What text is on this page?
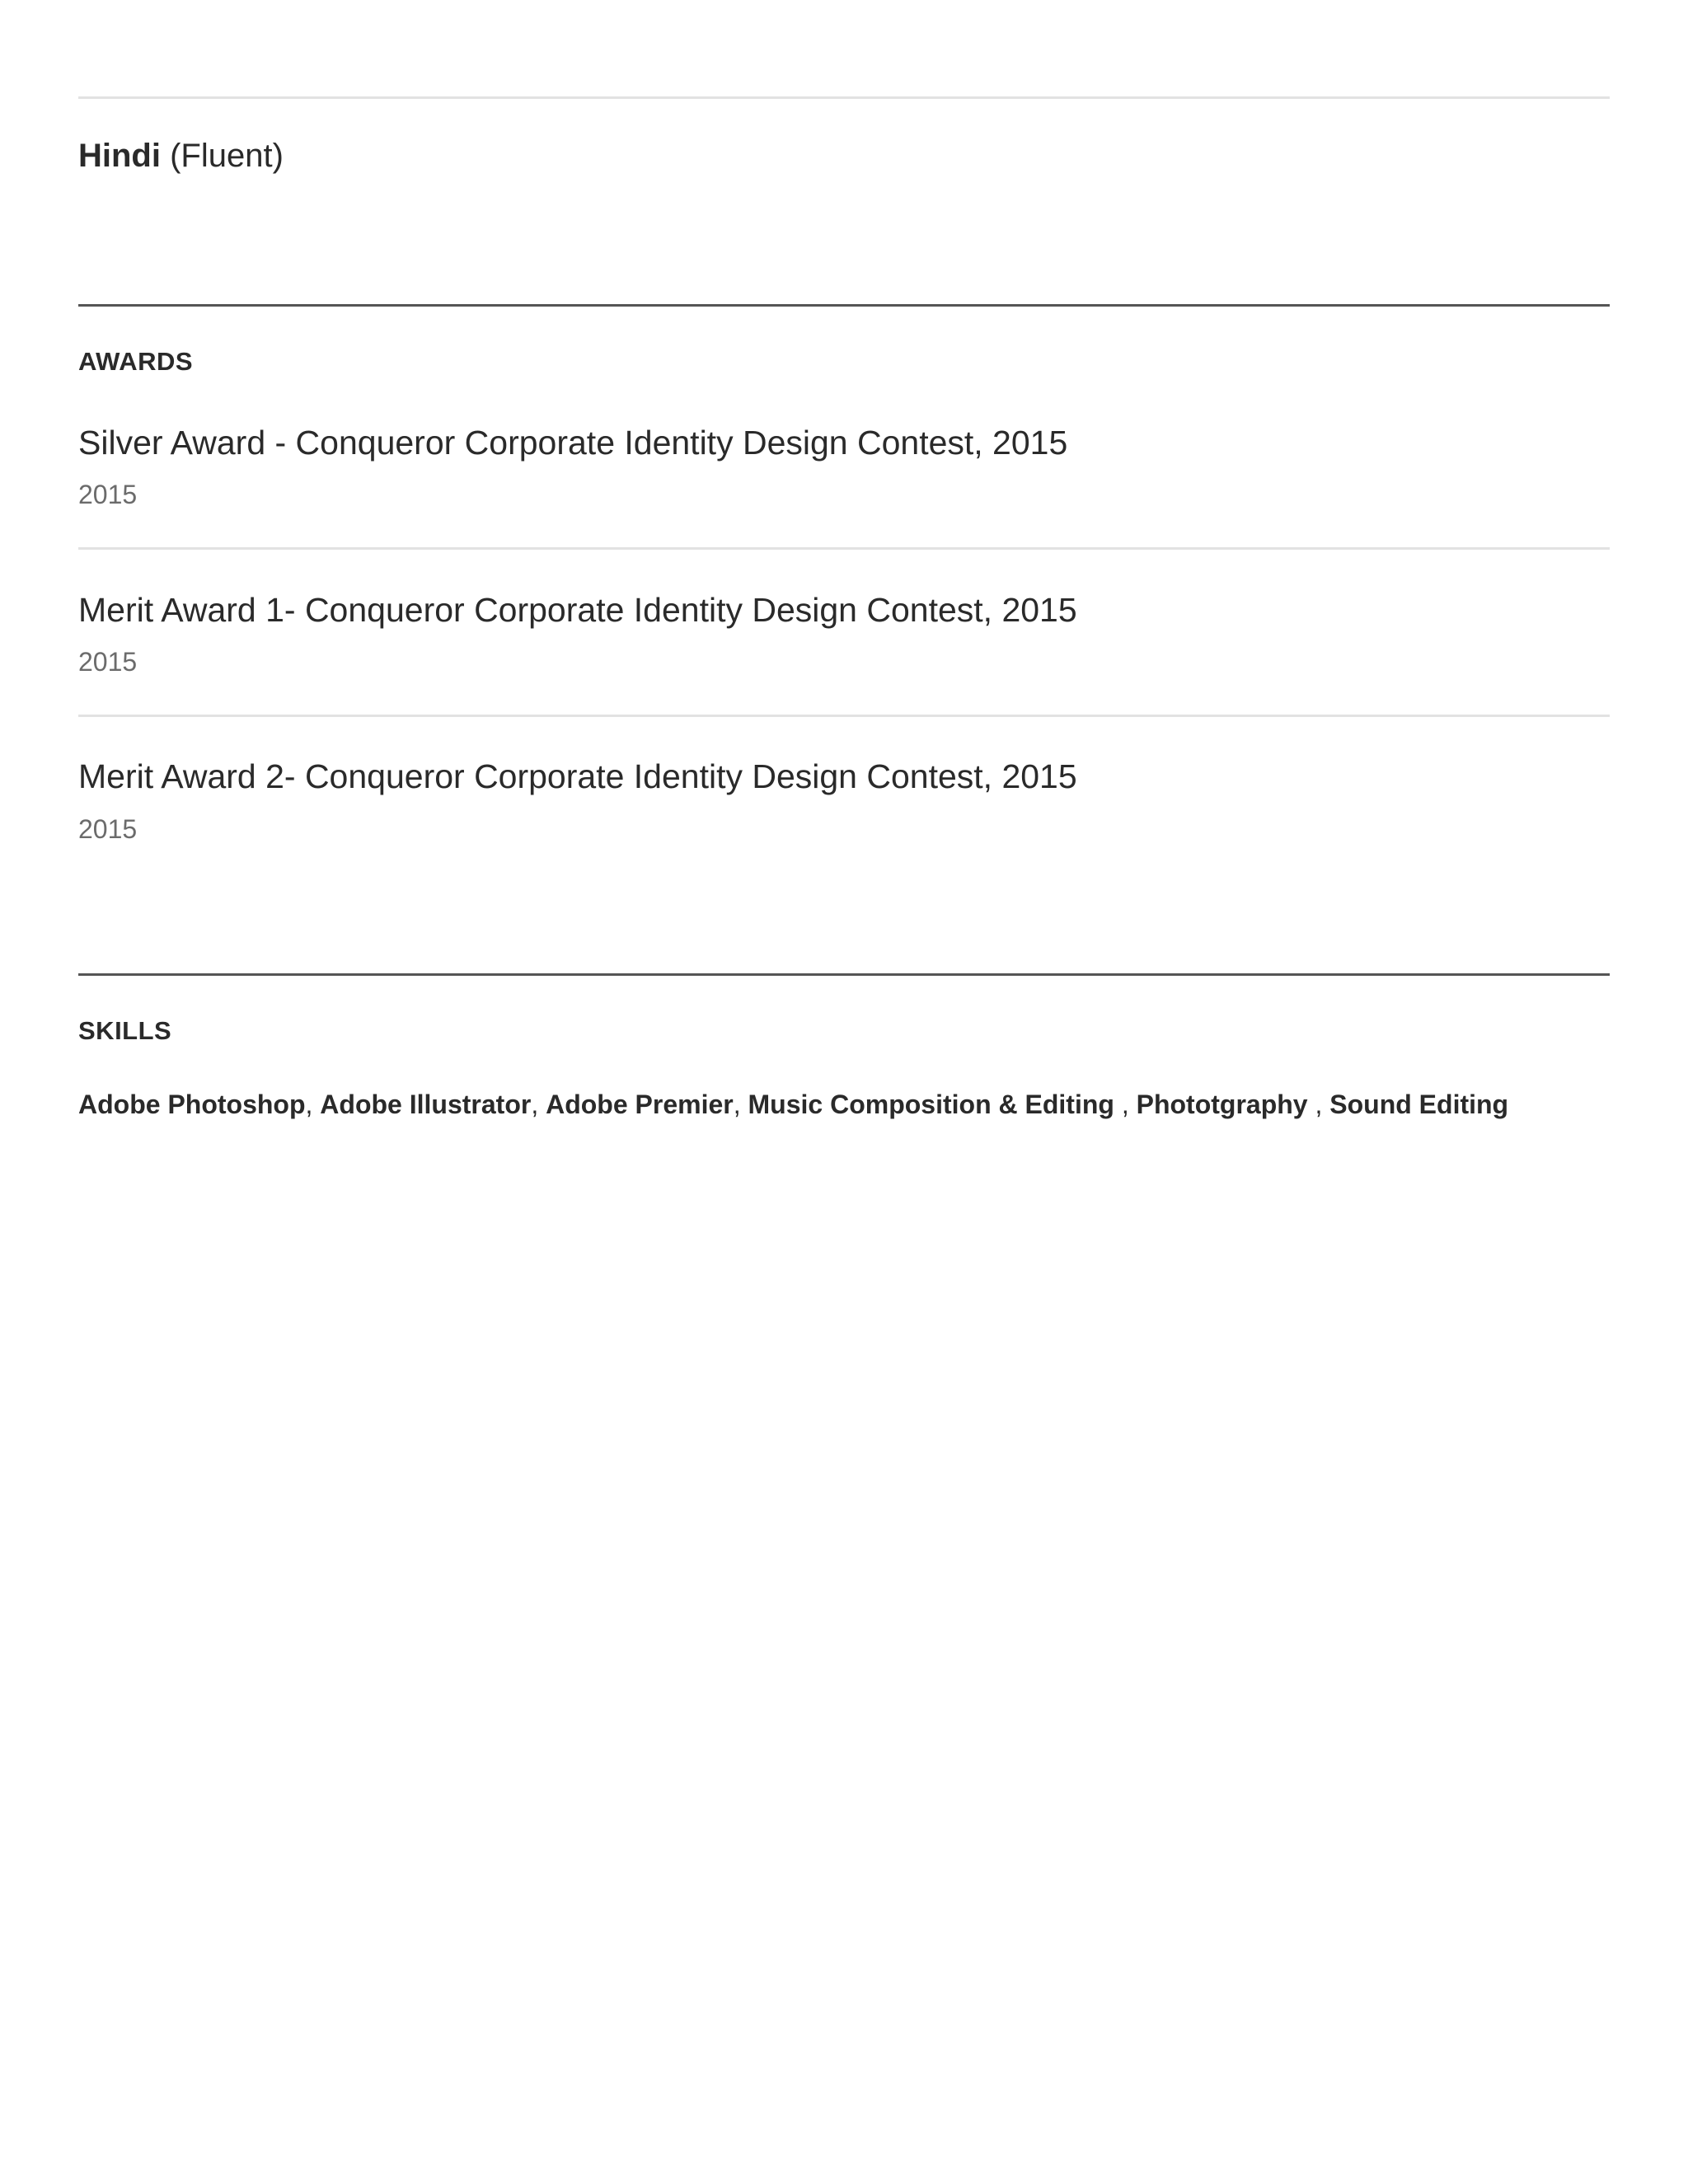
Hindi (Fluent)
AWARDS
Silver Award - Conqueror Corporate Identity Design Contest, 2015
2015
Merit Award 1- Conqueror Corporate Identity Design Contest, 2015
2015
Merit Award 2- Conqueror Corporate Identity Design Contest, 2015
2015
SKILLS
Adobe Photoshop, Adobe Illustrator, Adobe Premier, Music Composition & Editing , Phototgraphy , Sound Editing
